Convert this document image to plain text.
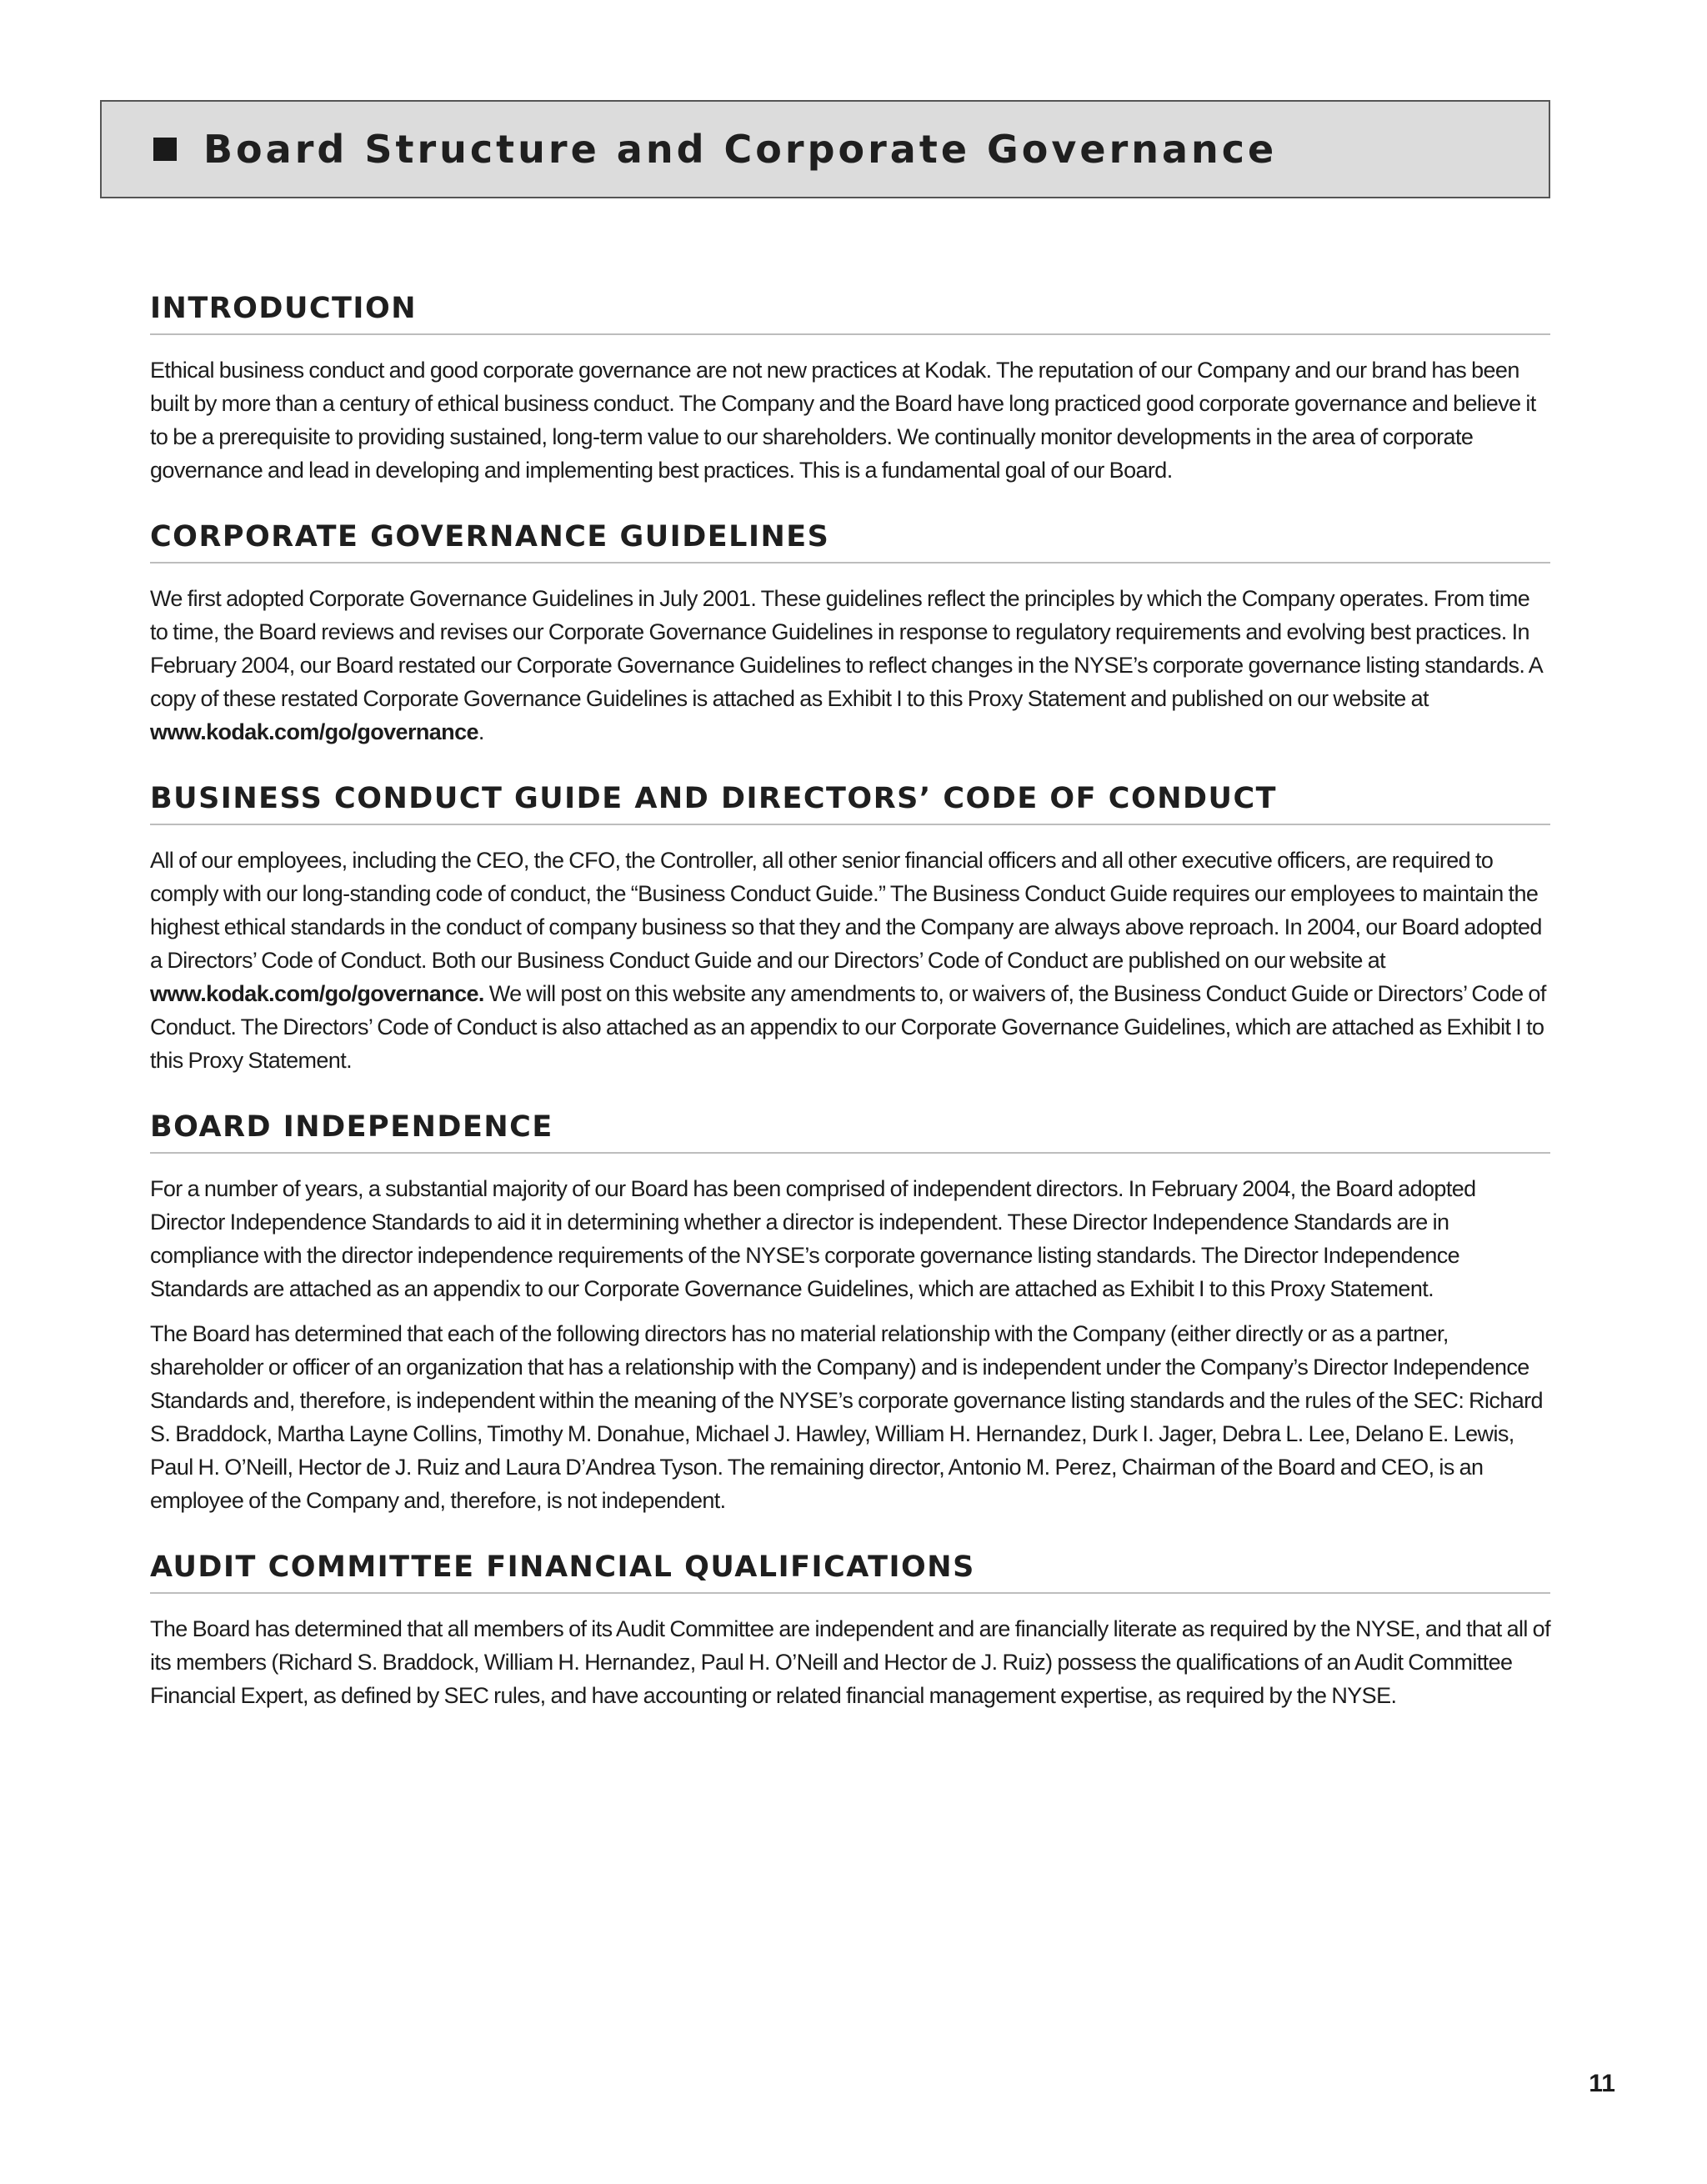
Board Structure and Corporate Governance
INTRODUCTION

Ethical business conduct and good corporate governance are not new practices at Kodak. The reputation of our Company and our brand has been built by more than a century of ethical business conduct. The Company and the Board have long practiced good corporate governance and believe it to be a prerequisite to providing sustained, long-term value to our shareholders. We continually monitor developments in the area of corporate governance and lead in developing and implementing best practices. This is a fundamental goal of our Board.

CORPORATE GOVERNANCE GUIDELINES

We first adopted Corporate Governance Guidelines in July 2001. These guidelines reflect the principles by which the Company operates. From time to time, the Board reviews and revises our Corporate Governance Guidelines in response to regulatory requirements and evolving best practices. In February 2004, our Board restated our Corporate Governance Guidelines to reflect changes in the NYSE’s corporate governance listing standards. A copy of these restated Corporate Governance Guidelines is attached as Exhibit I to this Proxy Statement and published on our website at
www.kodak.com/go/governance.

BUSINESS CONDUCT GUIDE AND DIRECTORS’ CODE OF CONDUCT

All of our employees, including the CEO, the CFO, the Controller, all other senior financial officers and all other executive officers, are required to comply with our long-standing code of conduct, the “Business Conduct Guide.” The Business Conduct Guide requires our employees to maintain the highest ethical standards in the conduct of company business so that they and the Company are always above reproach. In 2004, our Board adopted a Directors’ Code of Conduct. Both our Business Conduct Guide and our Directors’ Code of Conduct are published on our website at
www.kodak.com/go/governance. We will post on this website any amendments to, or waivers of, the Business Conduct Guide or Directors’ Code of Conduct. The Directors’ Code of Conduct is also attached as an appendix to our Corporate Governance Guidelines, which are attached as Exhibit I to this Proxy Statement.

BOARD INDEPENDENCE

For a number of years, a substantial majority of our Board has been comprised of independent directors. In February 2004, the Board adopted Director Independence Standards to aid it in determining whether a director is independent. These Director Independence Standards are in compliance with the director independence requirements of the NYSE’s corporate governance listing standards. The Director Independence Standards are attached as an appendix to our Corporate Governance Guidelines, which are attached as Exhibit I to this Proxy Statement.

The Board has determined that each of the following directors has no material relationship with the Company (either directly or as a partner, shareholder or officer of an organization that has a relationship with the Company) and is independent under the Company’s Director Independence Standards and, therefore, is independent within the meaning of the NYSE’s corporate governance listing standards and the rules of the SEC: Richard S. Braddock, Martha Layne Collins, Timothy M. Donahue, Michael J. Hawley, William H. Hernandez, Durk I. Jager, Debra L. Lee, Delano E. Lewis, Paul H. O’Neill, Hector de J. Ruiz and Laura D’Andrea Tyson. The remaining director, Antonio M. Perez, Chairman of the Board and CEO, is an employee of the Company and, therefore, is not independent.

AUDIT COMMITTEE FINANCIAL QUALIFICATIONS

The Board has determined that all members of its Audit Committee are independent and are financially literate as required by the NYSE, and that all of its members (Richard S. Braddock, William H. Hernandez, Paul H. O’Neill and Hector de J. Ruiz) possess the qualifications of an Audit Committee Financial Expert, as defined by SEC rules, and have accounting or related financial management expertise, as required by the NYSE.

11
